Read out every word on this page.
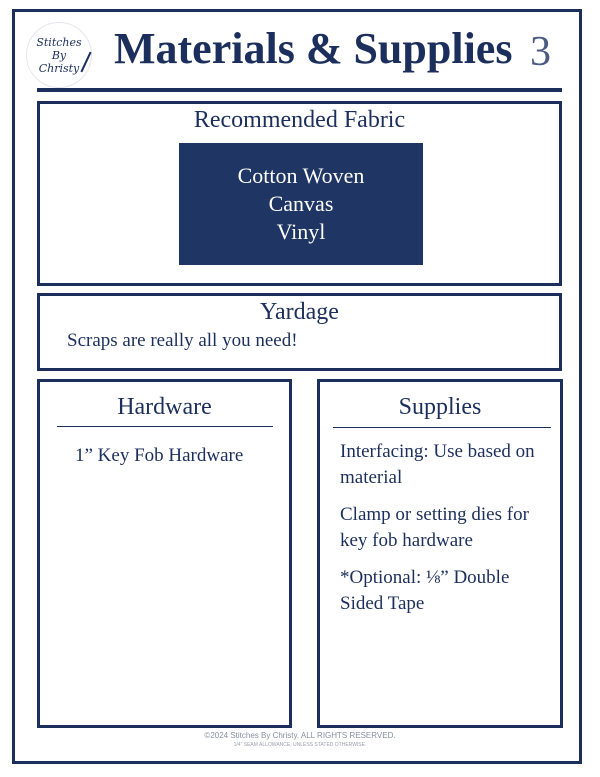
Stitches
By
Christy Materials & Supplies 3
Recommended Fabric
Cotton Woven
Canvas
Vinyl
Yardage
Scraps are really all you need!
Hardware
1” Key Fob Hardware
Supplies
Interfacing: Use based on material
Clamp or setting dies for key fob hardware
*Optional: ⅛” Double Sided Tape
©2024 Stitches By Christy. ALL RIGHTS RESERVED.
1/4" SEAM ALLOWANCE, UNLESS STATED OTHERWISE.
